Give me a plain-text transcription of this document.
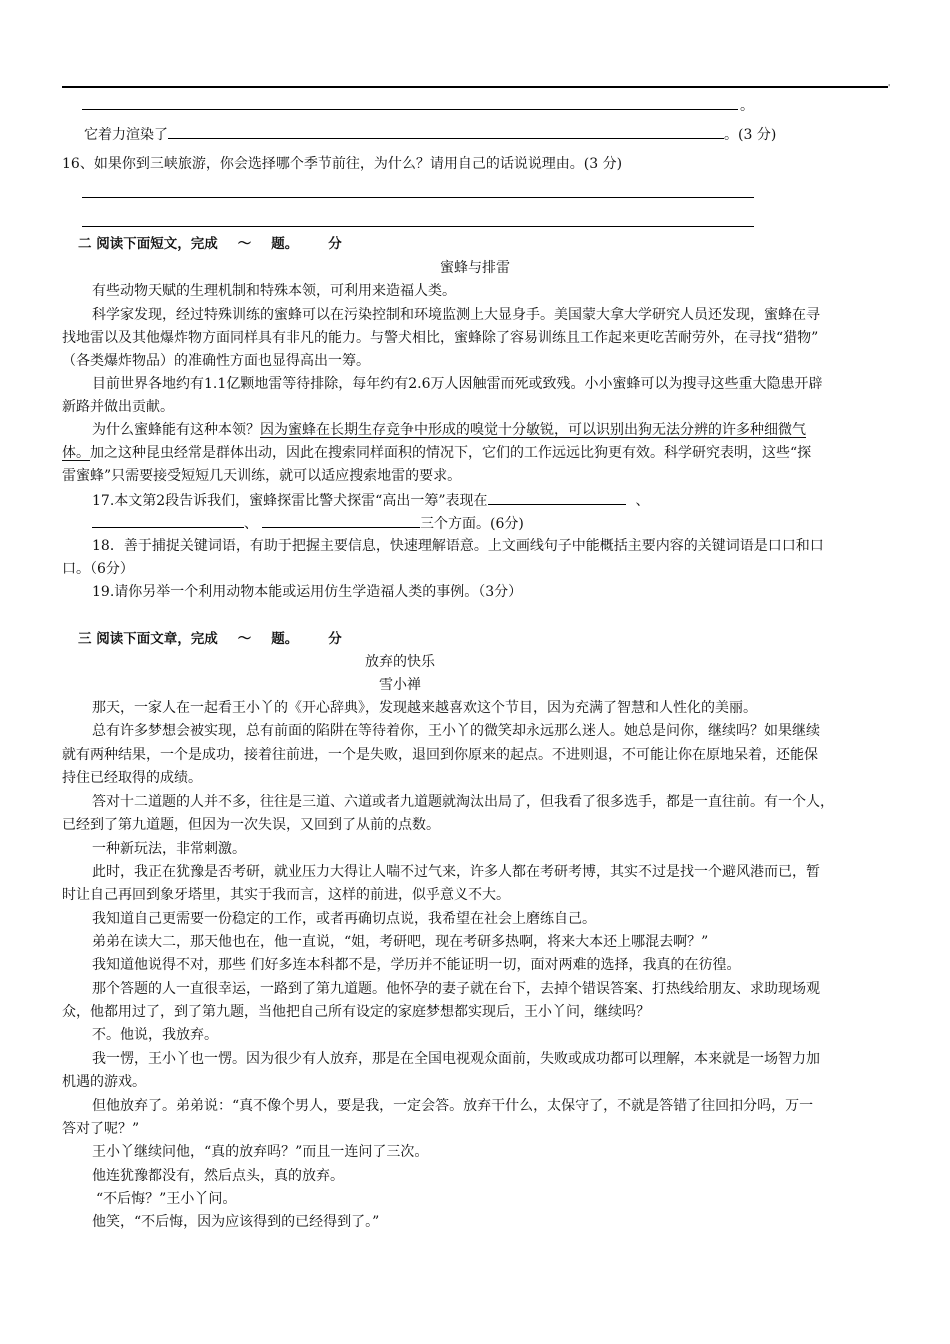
'
。
它着力渲染了	。(3 分)
16、如果你到三峡旅游，你会选择哪个季节前往，为什么？请用自己的话说说理由。(3 分)
二 阅读下面短文，完成 ～ 题。 分
蜜蜂与排雷
有些动物天赋的生理机制和特殊本领，可利用来造福人类。
科学家发现，经过特殊训练的蜜蜂可以在污染控制和环境监测上大显身手。美国蒙大拿大学研究人员还发现，蜜蜂在寻
找地雷以及其他爆炸物方面同样具有非凡的能力。与警犬相比，蜜蜂除了容易训练且工作起来更吃苦耐劳外，在寻找“猎物”
（各类爆炸物品）的准确性方面也显得高出一筹。
目前世界各地约有1.1亿颗地雷等待排除，每年约有2.6万人因触雷而死或致残。小小蜜蜂可以为搜寻这些重大隐患开辟
新路并做出贡献。
为什么蜜蜂能有这种本领？因为蜜蜂在长期生存竞争中形成的嗅觉十分敏锐，可以识别出狗无法分辨的许多种细微气
体。加之这种昆虫经常是群体出动，因此在搜索同样面积的情况下，它们的工作远远比狗更有效。科学研究表明，这些“探
雷蜜蜂”只需要接受短短几天训练，就可以适应搜索地雷的要求。
17.本文第2段告诉我们，蜜蜂探雷比警犬探雷“高出一筹”表现在	、
、	三个方面。(6分)
18．善于捕捉关键词语，有助于把握主要信息，快速理解语意。上文画线句子中能概括主要内容的关键词语是口口和口
口。（6分）
19.请你另举一个利用动物本能或运用仿生学造福人类的事例。（3分）
三 阅读下面文章，完成 ～ 题。 分
放弃的快乐
雪小禅
那天，一家人在一起看王小丫的《开心辞典》，发现越来越喜欢这个节目，因为充满了智慧和人性化的美丽。
总有许多梦想会被实现，总有前面的陷阱在等待着你，王小丫的微笑却永远那么迷人。她总是问你，继续吗？如果继续
就有两种结果，一个是成功，接着往前进，一个是失败，退回到你原来的起点。不进则退，不可能让你在原地呆着，还能保
持住已经取得的成绩。
答对十二道题的人并不多，往往是三道、六道或者九道题就淘汰出局了，但我看了很多选手，都是一直往前。有一个人，
已经到了第九道题，但因为一次失误，又回到了从前的点数。
一种新玩法，非常刺激。
此时，我正在犹豫是否考研，就业压力大得让人喘不过气来，许多人都在考研考博，其实不过是找一个避风港而已，暂
时让自己再回到象牙塔里，其实于我而言，这样的前进，似乎意义不大。
我知道自己更需要一份稳定的工作，或者再确切点说，我希望在社会上磨练自己。
弟弟在读大二，那天他也在，他一直说，“姐，考研吧，现在考研多热啊，将来大本还上哪混去啊？”
我知道他说得不对，那些 们好多连本科都不是，学历并不能证明一切，面对两难的选择，我真的在彷徨。
那个答题的人一直很幸运，一路到了第九道题。他怀孕的妻子就在台下，去掉个错误答案、打热线给朋友、求助现场观
众，他都用过了，到了第九题，当他把自己所有设定的家庭梦想都实现后，王小丫问，继续吗？
不。他说，我放弃。
我一愣，王小丫也一愣。因为很少有人放弃，那是在全国电视观众面前，失败或成功都可以理解，本来就是一场智力加
机遇的游戏。
但他放弃了。弟弟说：“真不像个男人，要是我，一定会答。放弃干什么，太保守了，不就是答错了往回扣分吗，万一
答对了呢？”
王小丫继续问他，“真的放弃吗？”而且一连问了三次。
他连犹豫都没有，然后点头，真的放弃。
“不后悔？”王小丫问。
他笑，“不后悔，因为应该得到的已经得到了。”
